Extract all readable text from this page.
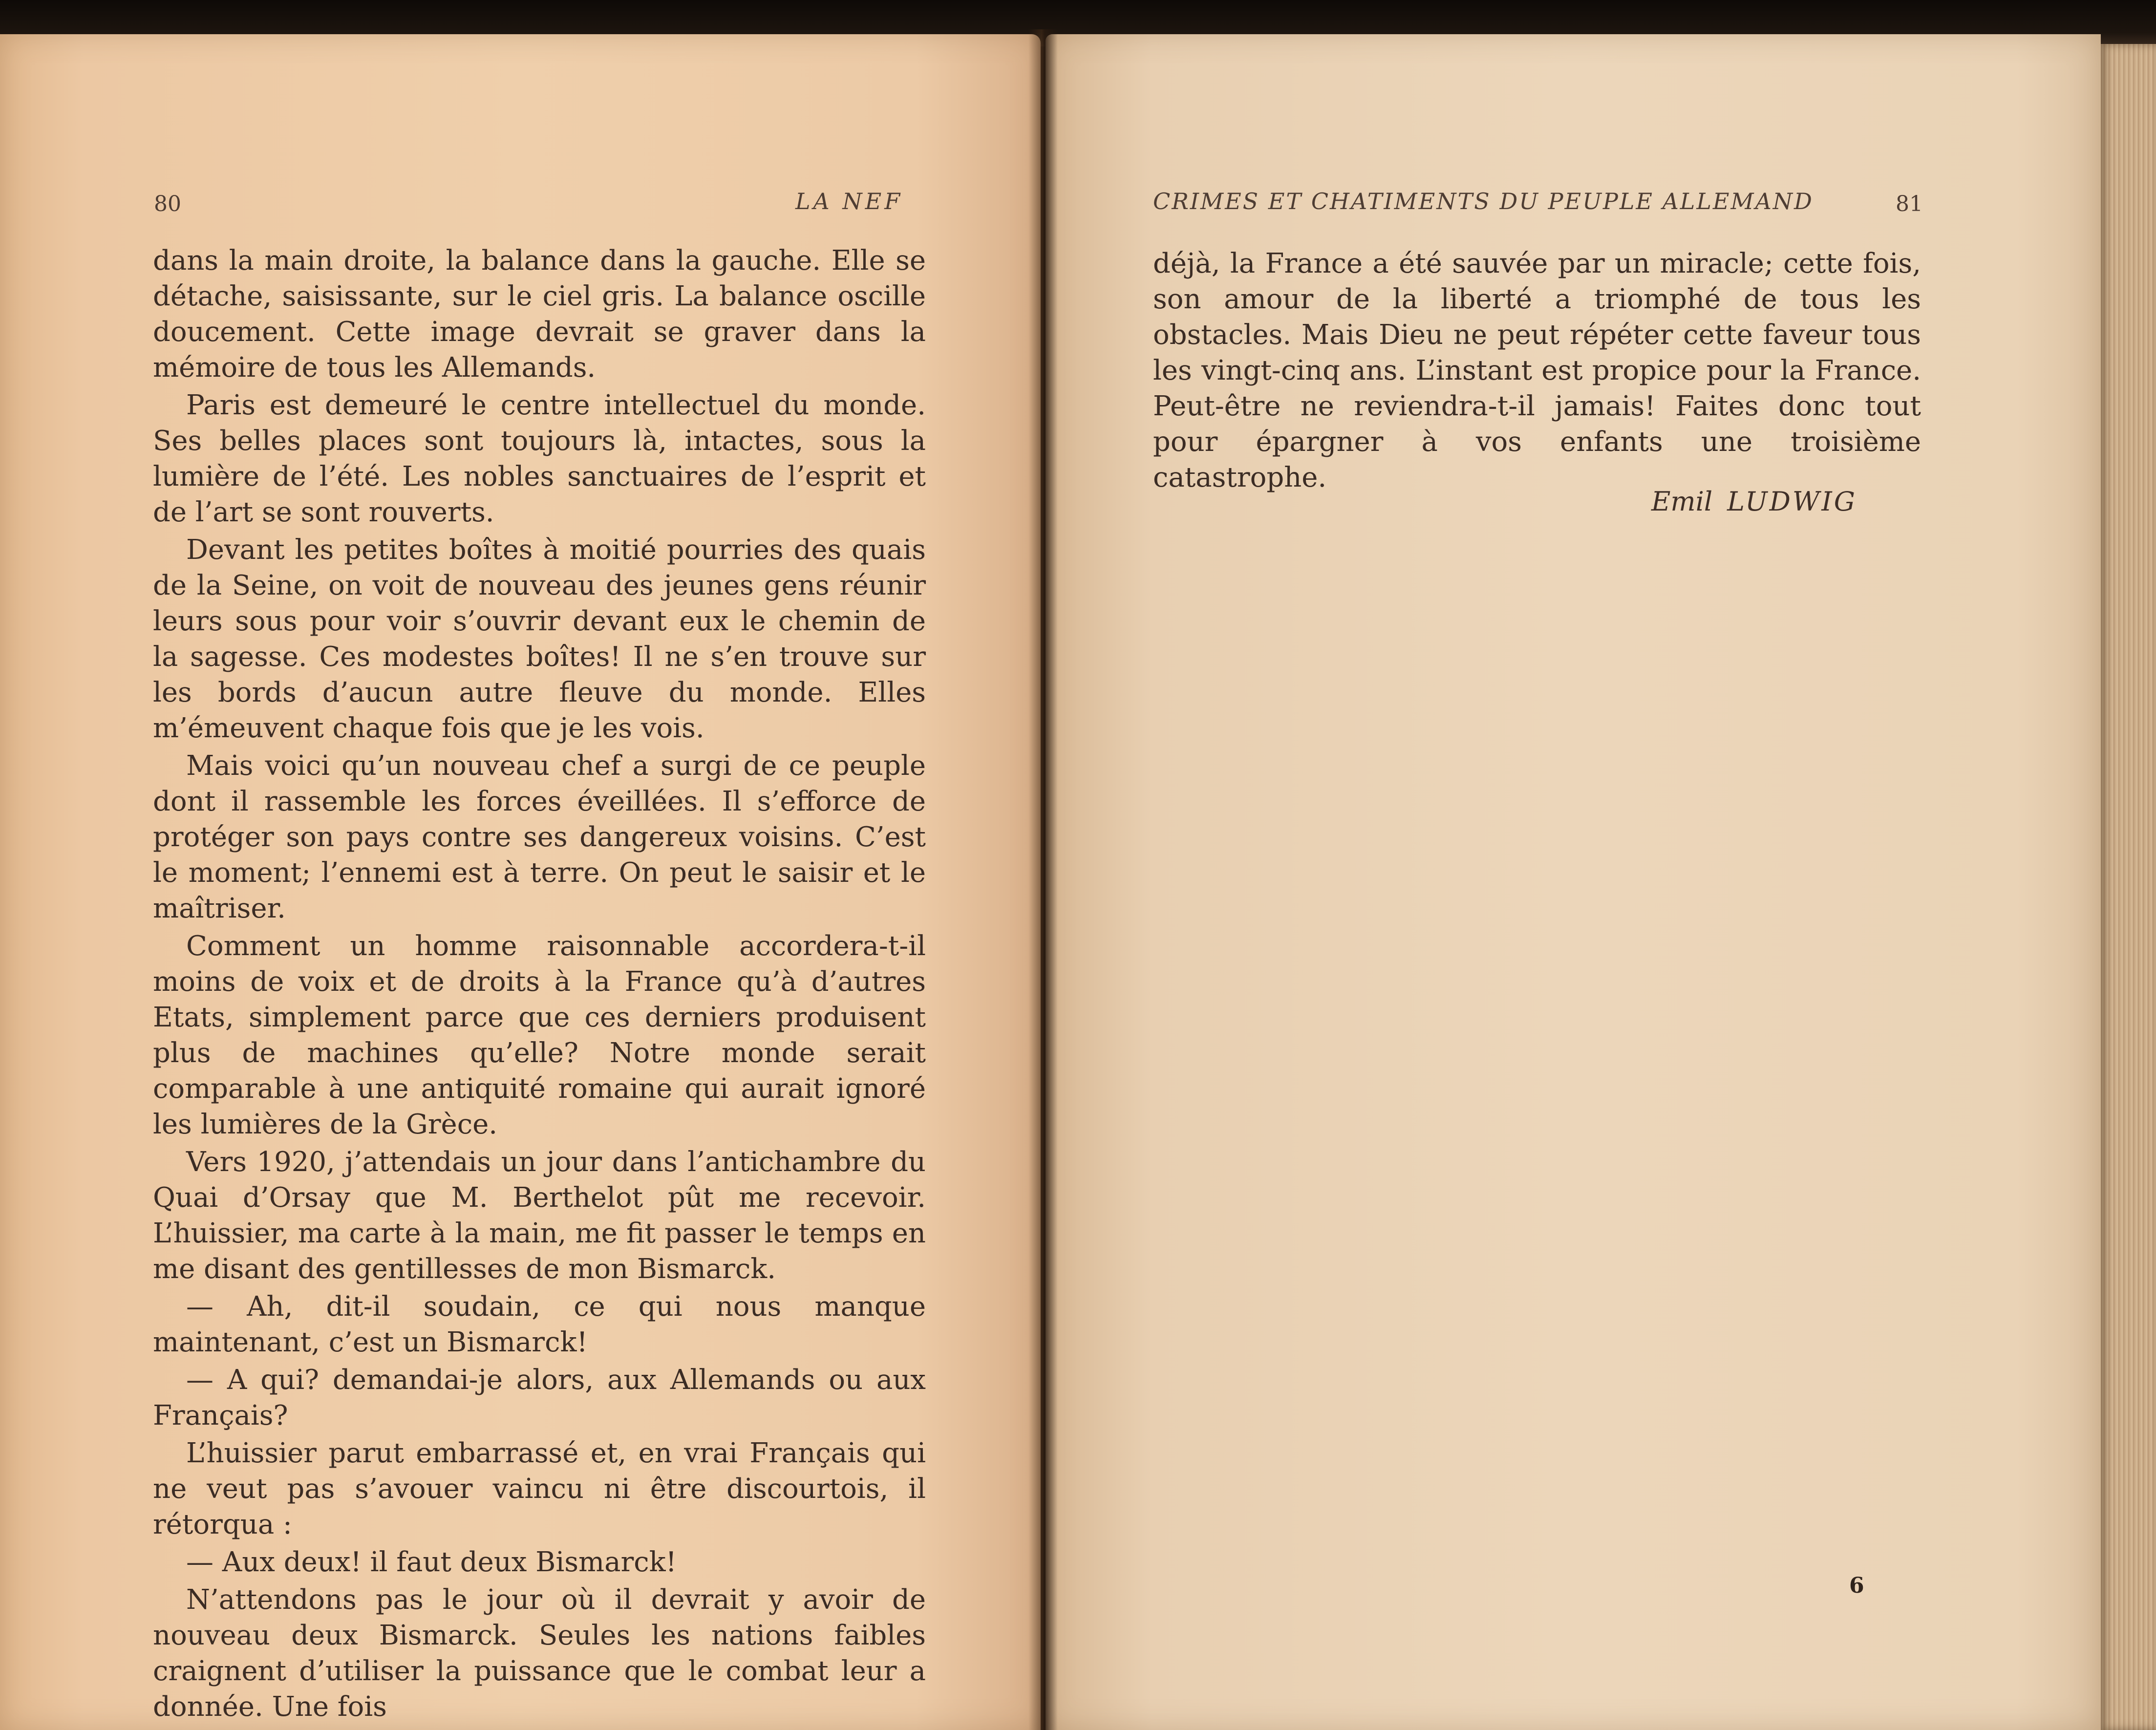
80	LA NEF

dans la main droite, la balance dans la gauche. Elle se détache, saisissante, sur le ciel gris. La balance oscille doucement. Cette image devrait se graver dans la mémoire de tous les Allemands.

Paris est demeuré le centre intellectuel du monde. Ses belles places sont toujours là, intactes, sous la lumière de l’été. Les nobles sanctuaires de l’esprit et de l’art se sont rouverts.

Devant les petites boîtes à moitié pourries des quais de la Seine, on voit de nouveau des jeunes gens réunir leurs sous pour voir s’ouvrir devant eux le chemin de la sagesse. Ces modestes boîtes! Il ne s’en trouve sur les bords d’aucun autre fleuve du monde. Elles m’émeuvent chaque fois que je les vois.

Mais voici qu’un nouveau chef a surgi de ce peuple dont il rassemble les forces éveillées. Il s’efforce de protéger son pays contre ses dangereux voisins. C’est le moment; l’ennemi est à terre. On peut le saisir et le maîtriser.

Comment un homme raisonnable accordera-t-il moins de voix et de droits à la France qu’à d’autres Etats, simplement parce que ces derniers produisent plus de machines qu’elle? Notre monde serait comparable à une antiquité romaine qui aurait ignoré les lumières de la Grèce.

Vers 1920, j’attendais un jour dans l’antichambre du Quai d’Orsay que M. Berthelot pût me recevoir. L’huissier, ma carte à la main, me fit passer le temps en me disant des gentillesses de mon Bismarck.

— Ah, dit-il soudain, ce qui nous manque maintenant, c’est un Bismarck!

— A qui? demandai-je alors, aux Allemands ou aux Français?

L’huissier parut embarrassé et, en vrai Français qui ne veut pas s’avouer vaincu ni être discourtois, il rétorqua :

— Aux deux! il faut deux Bismarck!

N’attendons pas le jour où il devrait y avoir de nouveau deux Bismarck. Seules les nations faibles craignent d’utiliser la puissance que le combat leur a donnée. Une fois

CRIMES ET CHATIMENTS DU PEUPLE ALLEMAND	81

déjà, la France a été sauvée par un miracle; cette fois, son amour de la liberté a triomphé de tous les obstacles. Mais Dieu ne peut répéter cette faveur tous les vingt-cinq ans. L’instant est propice pour la France. Peut-être ne reviendra-t-il jamais! Faites donc tout pour épargner à vos enfants une troisième catastrophe.

Emil LUDWIG
6
